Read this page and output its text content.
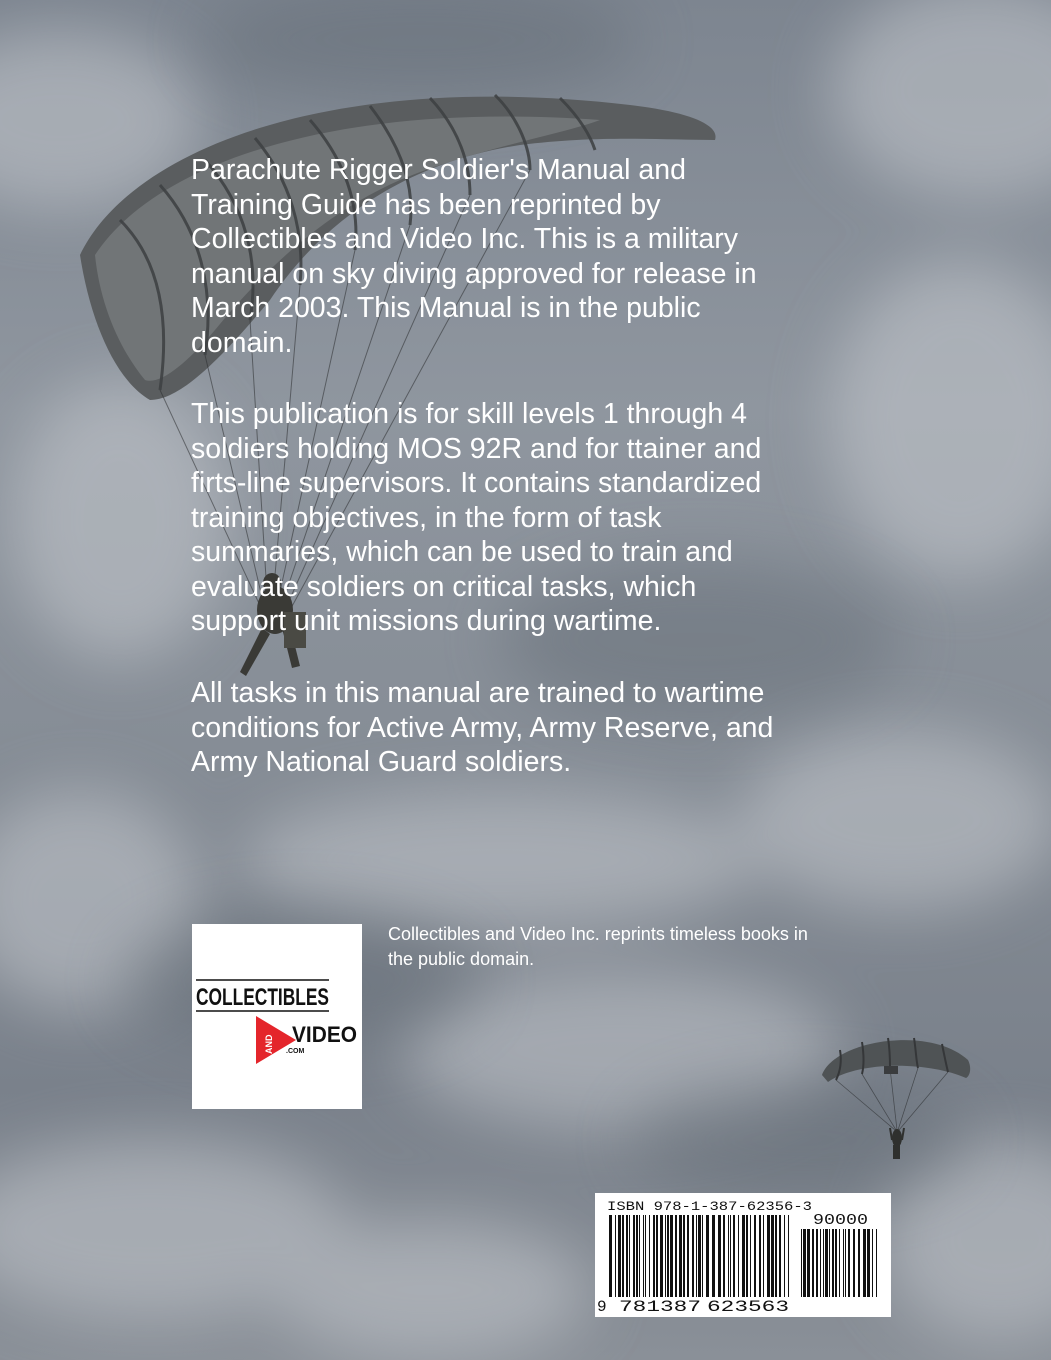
Parachute Rigger Soldier's Manual and
Training Guide has been reprinted by
Collectibles and Video Inc. This is a military
manual on sky diving approved for release in
March 2003. This Manual is in the public
domain.

This publication is for skill levels 1 through 4
soldiers holding MOS 92R and for ttainer and
firts-line supervisors. It contains standardized
training objectives, in the form of task
summaries, which can be used to train and
evaluate soldiers on critical tasks, which
support unit missions during wartime.

All tasks in this manual are trained to wartime
conditions for Active Army, Army Reserve, and
Army National Guard soldiers.

COLLECTIBLES
AND VIDEO
.COM

Collectibles and Video Inc. reprints timeless books in
the public domain.

ISBN 978-1-387-62356-3
90000
9 781387 623563
